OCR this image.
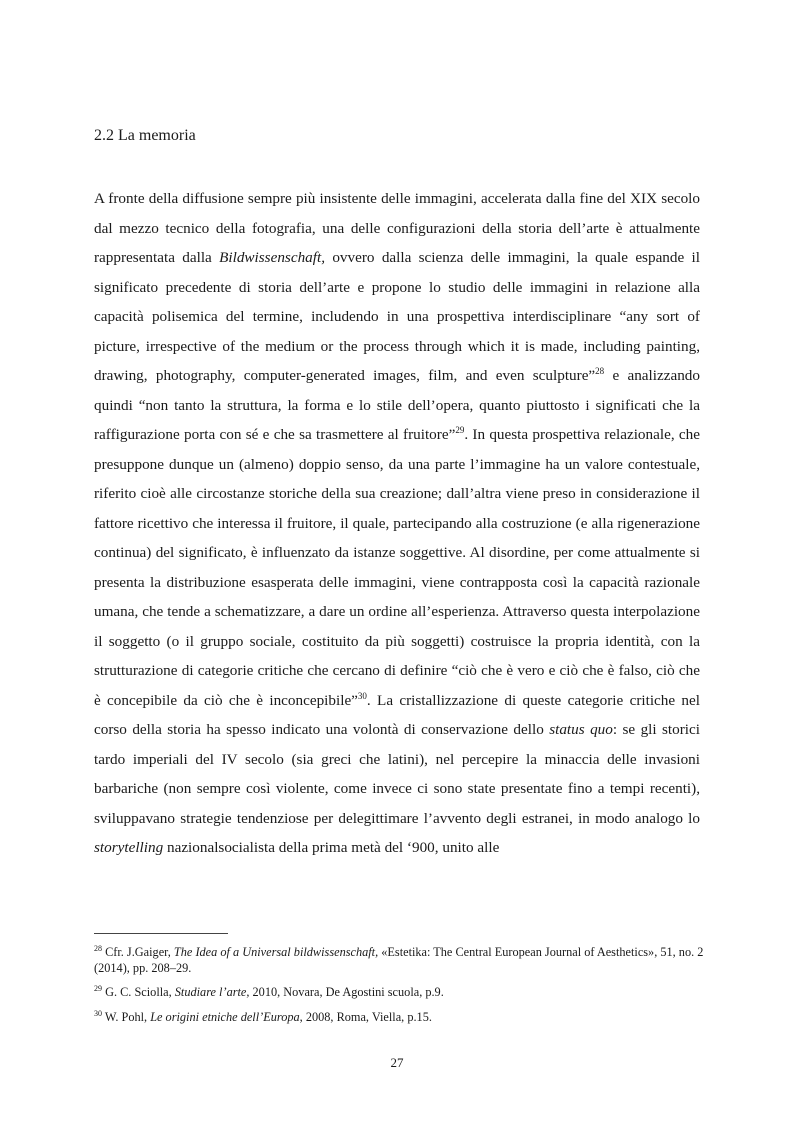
2.2 La memoria

A fronte della diffusione sempre più insistente delle immagini, accelerata dalla fine del XIX secolo dal mezzo tecnico della fotografia, una delle configurazioni della storia dell’arte è attualmente rappresentata dalla Bildwissenschaft, ovvero dalla scienza delle immagini, la quale espande il significato precedente di storia dell’arte e propone lo studio delle immagini in relazione alla capacità polisemica del termine, includendo in una prospettiva interdisciplinare “any sort of picture, irrespective of the medium or the process through which it is made, including painting, drawing, photography, computer-generated images, film, and even sculpture”$^{28}$ e analizzando quindi “non tanto la struttura, la forma e lo stile dell’opera, quanto piuttosto i significati che la raffigurazione porta con sé e che sa trasmettere al fruitore”$^{29}$. In questa prospettiva relazionale, che presuppone dunque un (almeno) doppio senso, da una parte l’immagine ha un valore contestuale, riferito cioè alle circostanze storiche della sua creazione; dall’altra viene preso in considerazione il fattore ricettivo che interessa il fruitore, il quale, partecipando alla costruzione (e alla rigenerazione continua) del significato, è influenzato da istanze soggettive. Al disordine, per come attualmente si presenta la distribuzione esasperata delle immagini, viene contrapposta così la capacità razionale umana, che tende a schematizzare, a dare un ordine all’esperienza. Attraverso questa interpolazione il soggetto (o il gruppo sociale, costituito da più soggetti) costruisce la propria identità, con la strutturazione di categorie critiche che cercano di definire “ciò che è vero e ciò che è falso, ciò che è concepibile da ciò che è inconcepibile”$^{30}$. La cristallizzazione di queste categorie critiche nel corso della storia ha spesso indicato una volontà di conservazione dello status quo: se gli storici tardo imperiali del IV secolo (sia greci che latini), nel percepire la minaccia delle invasioni barbariche (non sempre così violente, come invece ci sono state presentate fino a tempi recenti), sviluppavano strategie tendenziose per delegittimare l’avvento degli estranei, in modo analogo lo storytelling nazionalsocialista della prima metà del ‘900, unito alle

$^{28}$ Cfr. J.Gaiger, The Idea of a Universal bildwissenschaft, «Estetika: The Central European Journal of Aesthetics», 51, no. 2 (2014), pp. 208–29.
$^{29}$ G. C. Sciolla, Studiare l’arte, 2010, Novara, De Agostini scuola, p.9.
$^{30}$ W. Pohl, Le origini etniche dell’Europa, 2008, Roma, Viella, p.15.
27
